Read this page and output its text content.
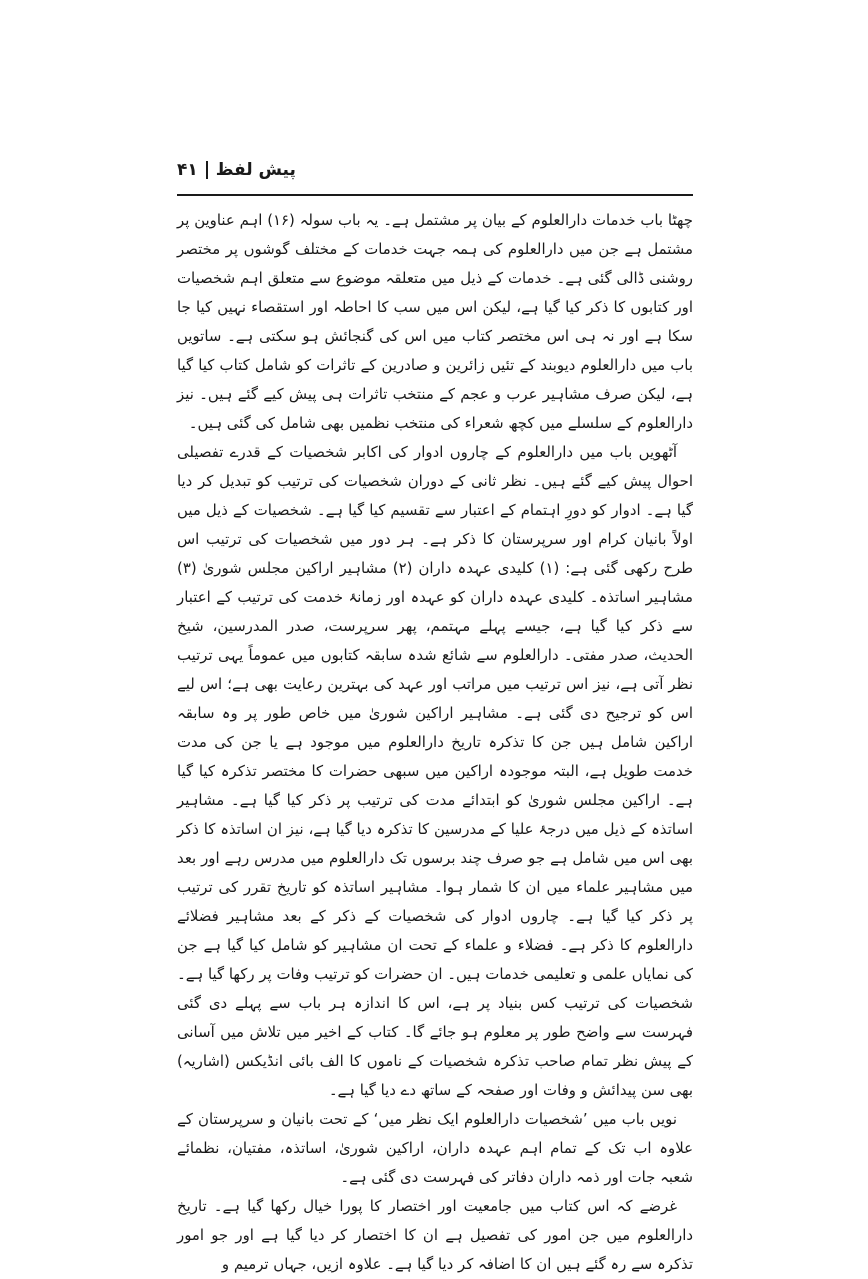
پیش لفظ
۴۱

چھٹا باب خدمات دارالعلوم کے بیان پر مشتمل ہے۔ یہ باب سولہ (۱۶) اہم عناوین پر مشتمل ہے جن میں دارالعلوم کی ہمہ جہت خدمات کے مختلف گوشوں پر مختصر روشنی ڈالی گئی ہے۔ خدمات کے ذیل میں متعلقہ موضوع سے متعلق اہم شخصیات اور کتابوں کا ذکر کیا گیا ہے، لیکن اس میں سب کا احاطہ اور استقصاء نہیں کیا جا سکا ہے اور نہ ہی اس مختصر کتاب میں اس کی گنجائش ہو سکتی ہے۔ ساتویں باب میں دارالعلوم دیوبند کے تئیں زائرین و صادرین کے تاثرات کو شامل کتاب کیا گیا ہے، لیکن صرف مشاہیر عرب و عجم کے منتخب تاثرات ہی پیش کیے گئے ہیں۔ نیز دارالعلوم کے سلسلے میں کچھ شعراء کی منتخب نظمیں بھی شامل کی گئی ہیں۔

آٹھویں باب میں دارالعلوم کے چاروں ادوار کی اکابر شخصیات کے قدرے تفصیلی احوال پیش کیے گئے ہیں۔ نظر ثانی کے دوران شخصیات کی ترتیب کو تبدیل کر دیا گیا ہے۔ ادوار کو دورِ اہتمام کے اعتبار سے تقسیم کیا گیا ہے۔ شخصیات کے ذیل میں اولاً بانیان کرام اور سرپرستان کا ذکر ہے۔ ہر دور میں شخصیات کی ترتیب اس طرح رکھی گئی ہے: (۱) کلیدی عہدہ داران (۲) مشاہیر اراکین مجلس شوریٰ (۳) مشاہیر اساتذہ۔ کلیدی عہدہ داران کو عہدہ اور زمانۂ خدمت کی ترتیب کے اعتبار سے ذکر کیا گیا ہے، جیسے پہلے مہتمم، پھر سرپرست، صدر المدرسین، شیخ الحدیث، صدر مفتی۔ دارالعلوم سے شائع شدہ سابقہ کتابوں میں عموماً یہی ترتیب نظر آتی ہے، نیز اس ترتیب میں مراتب اور عہد کی بہترین رعایت بھی ہے؛ اس لیے اس کو ترجیح دی گئی ہے۔ مشاہیر اراکین شوریٰ میں خاص طور پر وہ سابقہ اراکین شامل ہیں جن کا تذکرہ تاریخ دارالعلوم میں موجود ہے یا جن کی مدت خدمت طویل ہے، البتہ موجودہ اراکین میں سبھی حضرات کا مختصر تذکرہ کیا گیا ہے۔ اراکین مجلس شوریٰ کو ابتدائے مدت کی ترتیب پر ذکر کیا گیا ہے۔ مشاہیر اساتذہ کے ذیل میں درجۂ علیا کے مدرسین کا تذکرہ دیا گیا ہے، نیز ان اساتذہ کا ذکر بھی اس میں شامل ہے جو صرف چند برسوں تک دارالعلوم میں مدرس رہے اور بعد میں مشاہیر علماء میں ان کا شمار ہوا۔ مشاہیر اساتذہ کو تاریخ تقرر کی ترتیب پر ذکر کیا گیا ہے۔ چاروں ادوار کی شخصیات کے ذکر کے بعد مشاہیر فضلائے دارالعلوم کا ذکر ہے۔ فضلاء و علماء کے تحت ان مشاہیر کو شامل کیا گیا ہے جن کی نمایاں علمی و تعلیمی خدمات ہیں۔ ان حضرات کو ترتیب وفات پر رکھا گیا ہے۔ شخصیات کی ترتیب کس بنیاد پر ہے، اس کا اندازہ ہر باب سے پہلے دی گئی فہرست سے واضح طور پر معلوم ہو جائے گا۔ کتاب کے اخیر میں تلاش میں آسانی کے پیش نظر تمام صاحب تذکرہ شخصیات کے ناموں کا الف بائی انڈیکس (اشاریہ) بھی سن پیدائش و وفات اور صفحہ کے ساتھ دے دیا گیا ہے۔

نویں باب میں ’شخصیات دارالعلوم ایک نظر میں‘ کے تحت بانیان و سرپرستان کے علاوہ اب تک کے تمام اہم عہدہ داران، اراکین شوریٰ، اساتذہ، مفتیان، نظمائے شعبہ جات اور ذمہ داران دفاتر کی فہرست دی گئی ہے۔

غرضے کہ اس کتاب میں جامعیت اور اختصار کا پورا خیال رکھا گیا ہے۔ تاریخ دارالعلوم میں جن امور کی تفصیل ہے ان کا اختصار کر دیا گیا ہے اور جو امور تذکرہ سے رہ گئے ہیں ان کا اضافہ کر دیا گیا ہے۔ علاوہ ازیں، جہاں ترمیم و
